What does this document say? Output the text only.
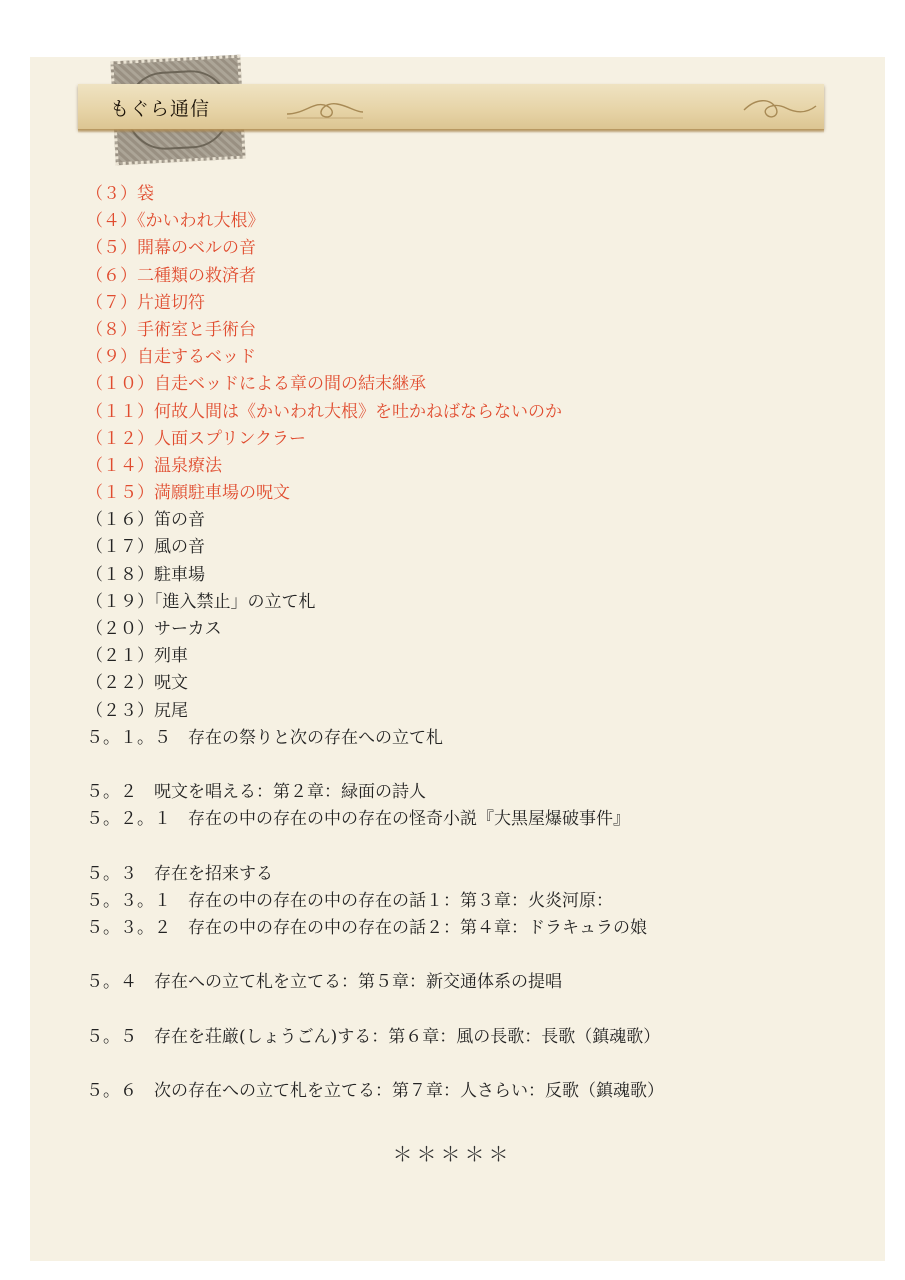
もぐら通信
（３）袋
（４）《かいわれ大根》
（５）開幕のベルの音
（６）二種類の救済者
（７）片道切符
（８）手術室と手術台
（９）自走するベッド
（１０）自走ベッドによる章の間の結末継承
（１１）何故人間は《かいわれ大根》を吐かねばならないのか
（１２）人面スプリンクラー
（１４）温泉療法
（１５）満願駐車場の呪文
（１６）笛の音
（１７）風の音
（１８）駐車場
（１９）「進入禁止」の立て札
（２０）サーカス
（２１）列車
（２２）呪文
（２３）尻尾
５。１。５　存在の祭りと次の存在への立て札
５。２　呪文を唱える：第２章：緑面の詩人
５。２。１　存在の中の存在の中の存在の怪奇小説『大黒屋爆破事件』
５。３　存在を招来する
５。３。１　存在の中の存在の中の存在の話１：第３章：火炎河原：
５。３。２　存在の中の存在の中の存在の話２：第４章：ドラキュラの娘
５。４　存在への立て札を立てる：第５章：新交通体系の提唱
５。５　存在を荘厳(しょうごん)する：第６章：風の長歌：長歌（鎮魂歌）
５。６　次の存在への立て札を立てる：第７章：人さらい：反歌（鎮魂歌）
＊＊＊＊＊
